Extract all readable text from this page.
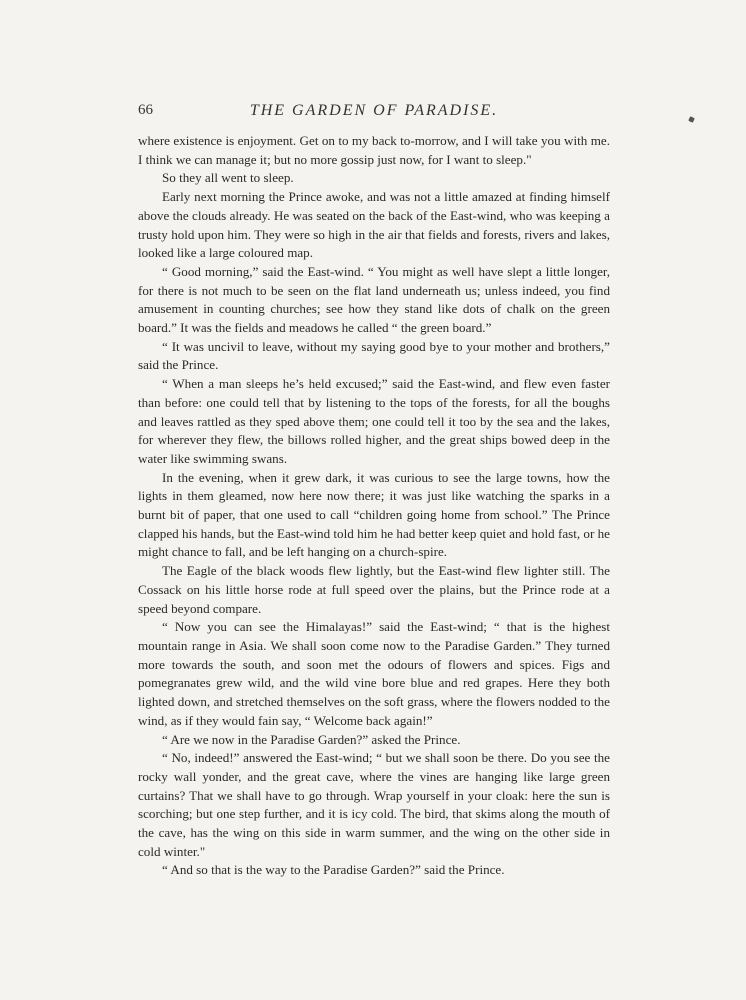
66	THE GARDEN OF PARADISE.

where existence is enjoyment. Get on to my back to-morrow, and I will take you with me. I think we can manage it; but no more gossip just now, for I want to sleep."

So they all went to sleep.

Early next morning the Prince awoke, and was not a little amazed at finding himself above the clouds already. He was seated on the back of the East-wind, who was keeping a trusty hold upon him. They were so high in the air that fields and forests, rivers and lakes, looked like a large coloured map.

“ Good morning,” said the East-wind. “ You might as well have slept a little longer, for there is not much to be seen on the flat land underneath us; unless indeed, you find amusement in counting churches; see how they stand like dots of chalk on the green board.” It was the fields and meadows he called “ the green board.”

“ It was uncivil to leave, without my saying good bye to your mother and brothers,” said the Prince.

“ When a man sleeps he’s held excused;” said the East-wind, and flew even faster than before: one could tell that by listening to the tops of the forests, for all the boughs and leaves rattled as they sped above them; one could tell it too by the sea and the lakes, for wherever they flew, the billows rolled higher, and the great ships bowed deep in the water like swimming swans.

In the evening, when it grew dark, it was curious to see the large towns, how the lights in them gleamed, now here now there; it was just like watching the sparks in a burnt bit of paper, that one used to call “children going home from school.” The Prince clapped his hands, but the East-wind told him he had better keep quiet and hold fast, or he might chance to fall, and be left hanging on a church-spire.

The Eagle of the black woods flew lightly, but the East-wind flew lighter still. The Cossack on his little horse rode at full speed over the plains, but the Prince rode at a speed beyond compare.

“ Now you can see the Himalayas!” said the East-wind; “ that is the highest mountain range in Asia. We shall soon come now to the Paradise Garden.” They turned more towards the south, and soon met the odours of flowers and spices. Figs and pomegranates grew wild, and the wild vine bore blue and red grapes. Here they both lighted down, and stretched themselves on the soft grass, where the flowers nodded to the wind, as if they would fain say, “ Welcome back again!”

“ Are we now in the Paradise Garden?” asked the Prince.

“ No, indeed!” answered the East-wind; “ but we shall soon be there. Do you see the rocky wall yonder, and the great cave, where the vines are hanging like large green curtains? That we shall have to go through. Wrap yourself in your cloak: here the sun is scorching; but one step further, and it is icy cold. The bird, that skims along the mouth of the cave, has the wing on this side in warm summer, and the wing on the other side in cold winter."

“ And so that is the way to the Paradise Garden?” said the Prince.
